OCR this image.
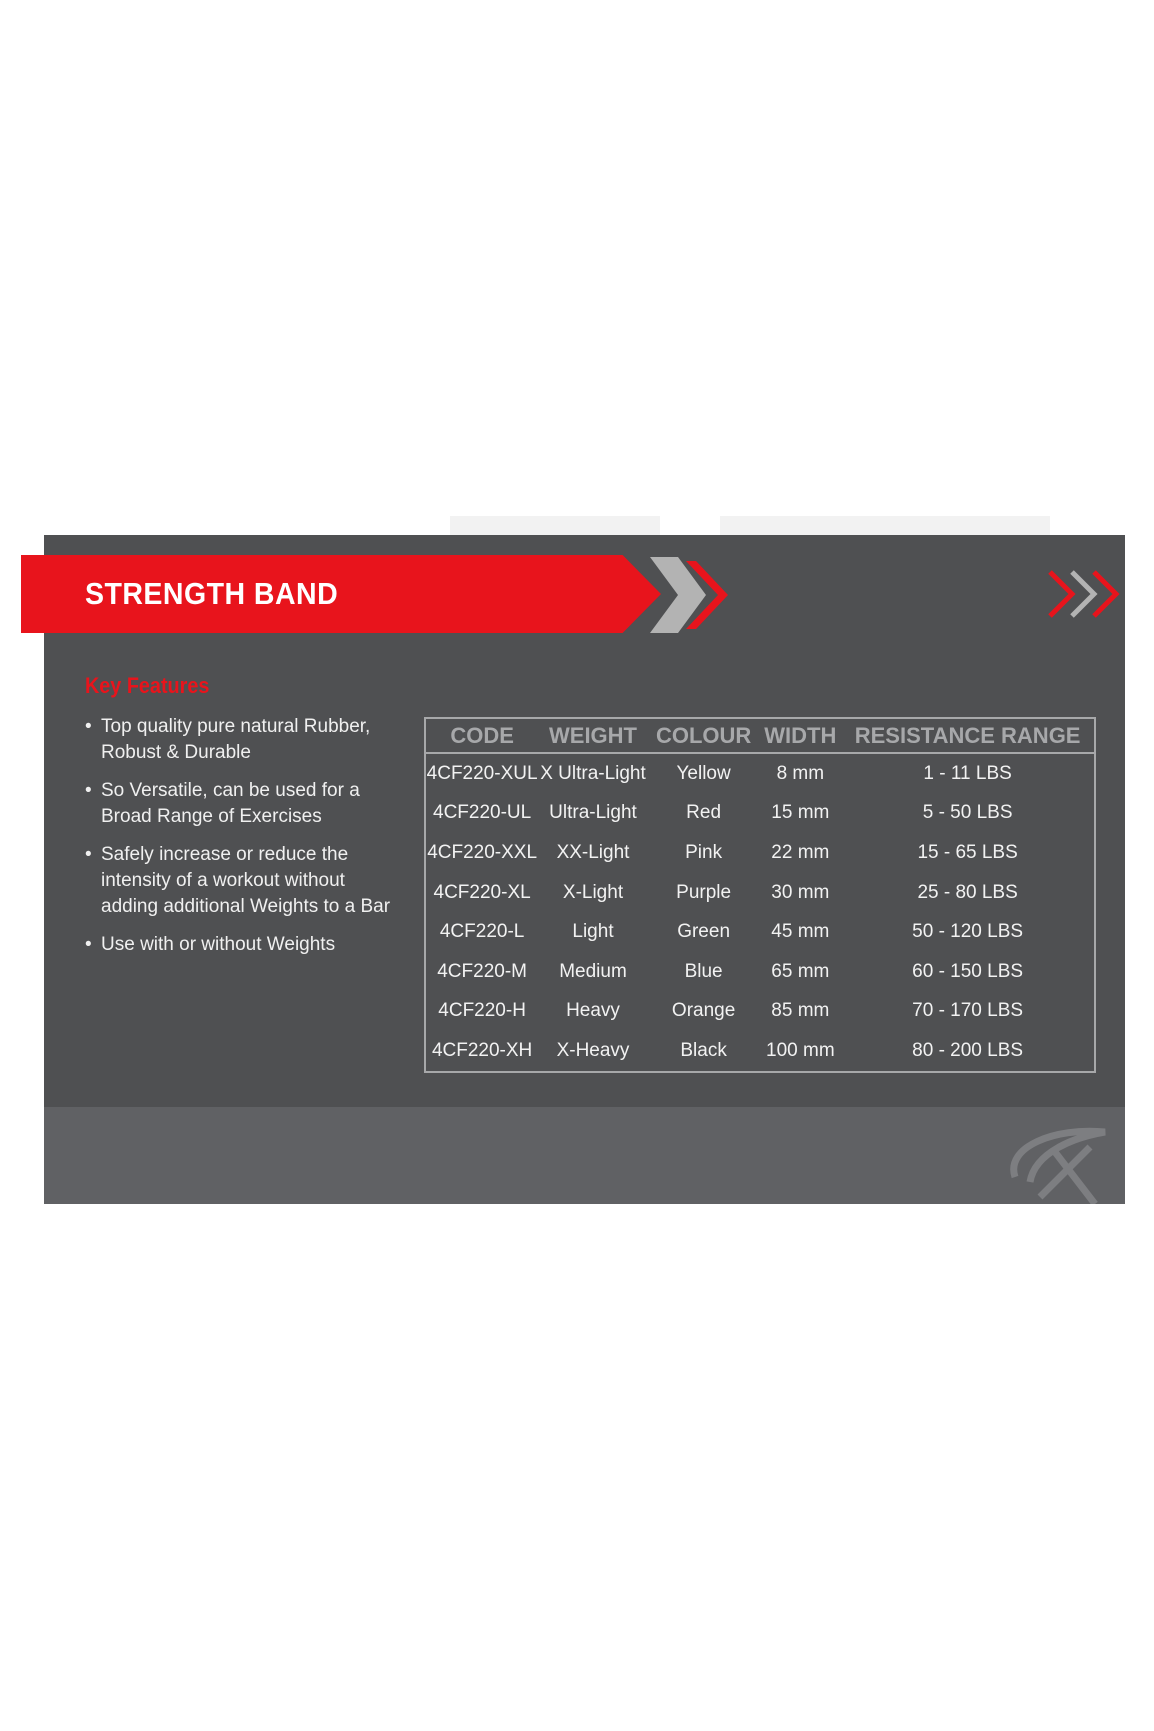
STRENGTH BAND
Key Features
• Top quality pure natural Rubber, Robust & Durable
• So Versatile, can be used for a Broad Range of Exercises
• Safely increase or reduce the intensity of a workout without adding additional Weights to a Bar
• Use with or without Weights
CODE	WEIGHT	COLOUR	WIDTH	RESISTANCE RANGE
4CF220-XUL	X Ultra-Light	Yellow	8 mm	1 - 11 LBS
4CF220-UL	Ultra-Light	Red	15 mm	5 - 50 LBS
4CF220-XXL	XX-Light	Pink	22 mm	15 - 65 LBS
4CF220-XL	X-Light	Purple	30 mm	25 - 80 LBS
4CF220-L	Light	Green	45 mm	50 - 120 LBS
4CF220-M	Medium	Blue	65 mm	60 - 150 LBS
4CF220-H	Heavy	Orange	85 mm	70 - 170 LBS
4CF220-XH	X-Heavy	Black	100 mm	80 - 200 LBS
